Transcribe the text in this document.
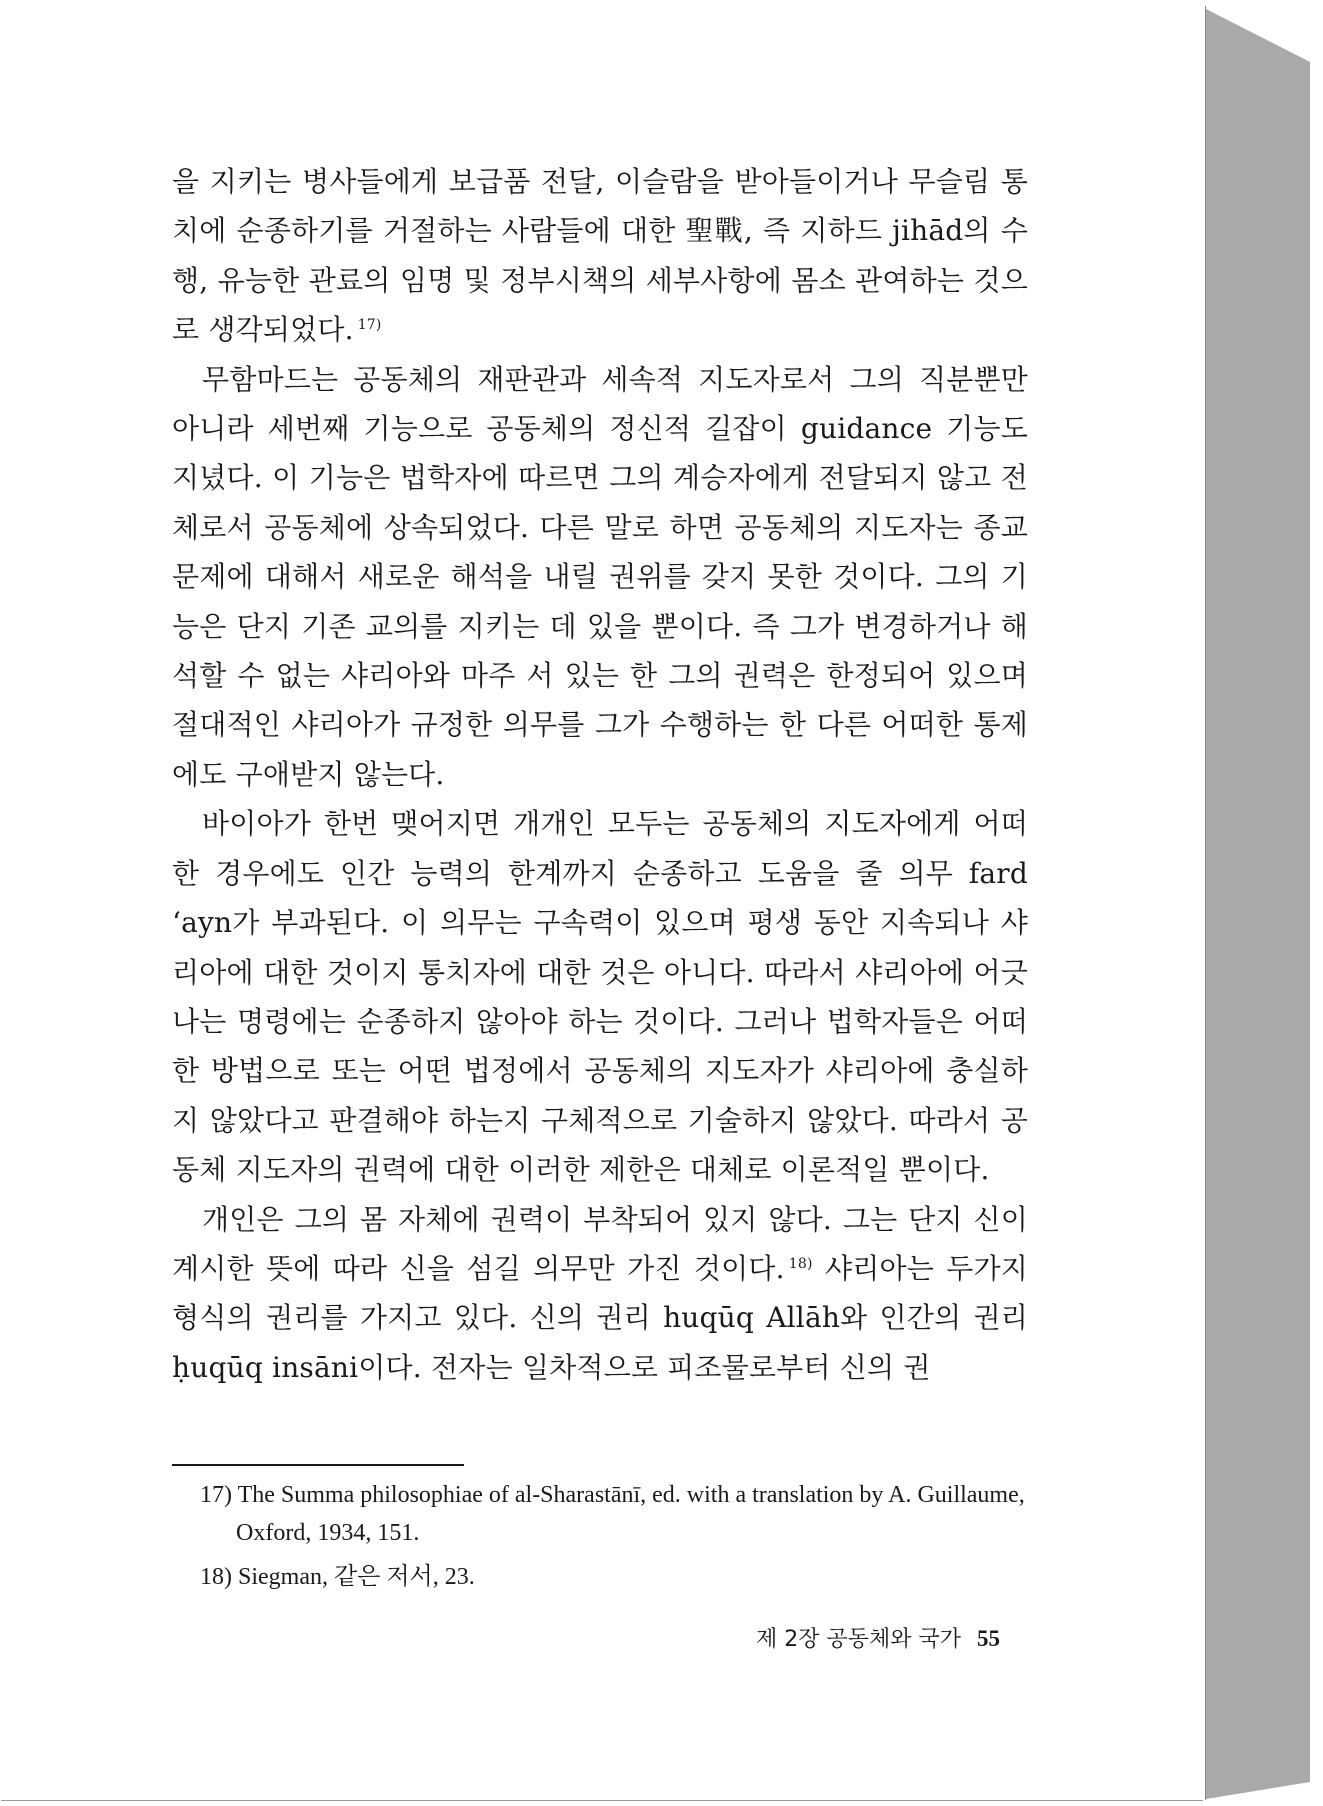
을 지키는 병사들에게 보급품 전달, 이슬람을 받아들이거나 무슬림 통치에 순종하기를 거절하는 사람들에 대한 聖戰, 즉 지하드 jihād의 수행, 유능한 관료의 임명 및 정부시책의 세부사항에 몸소 관여하는 것으로 생각되었다. $^{17)}$

무함마드는 공동체의 재판관과 세속적 지도자로서 그의 직분뿐만 아니라 세번째 기능으로 공동체의 정신적 길잡이 guidance 기능도 지녔다. 이 기능은 법학자에 따르면 그의 계승자에게 전달되지 않고 전체로서 공동체에 상속되었다. 다른 말로 하면 공동체의 지도자는 종교 문제에 대해서 새로운 해석을 내릴 권위를 갖지 못한 것이다. 그의 기능은 단지 기존 교의를 지키는 데 있을 뿐이다. 즉 그가 변경하거나 해석할 수 없는 샤리아와 마주 서 있는 한 그의 권력은 한정되어 있으며 절대적인 샤리아가 규정한 의무를 그가 수행하는 한 다른 어떠한 통제에도 구애받지 않는다.

바이아가 한번 맺어지면 개개인 모두는 공동체의 지도자에게 어떠한 경우에도 인간 능력의 한계까지 순종하고 도움을 줄 의무 fard ‘ayn가 부과된다. 이 의무는 구속력이 있으며 평생 동안 지속되나 샤리아에 대한 것이지 통치자에 대한 것은 아니다. 따라서 샤리아에 어긋나는 명령에는 순종하지 않아야 하는 것이다. 그러나 법학자들은 어떠한 방법으로 또는 어떤 법정에서 공동체의 지도자가 샤리아에 충실하지 않았다고 판결해야 하는지 구체적으로 기술하지 않았다. 따라서 공동체 지도자의 권력에 대한 이러한 제한은 대체로 이론적일 뿐이다.

개인은 그의 몸 자체에 권력이 부착되어 있지 않다. 그는 단지 신이 계시한 뜻에 따라 신을 섬길 의무만 가진 것이다. $^{18)}$ 샤리아는 두가지 형식의 권리를 가지고 있다. 신의 권리 huqūq Allāh와 인간의 권리 ḥuqūq insāni이다. 전자는 일차적으로 피조물로부터 신의 권

17) The Summa philosophiae of al-Sharastānī, ed. with a translation by A. Guillaume, Oxford, 1934, 151.

18) Siegman, 같은 저서, 23.

제 2장 공동체와 국가 55
